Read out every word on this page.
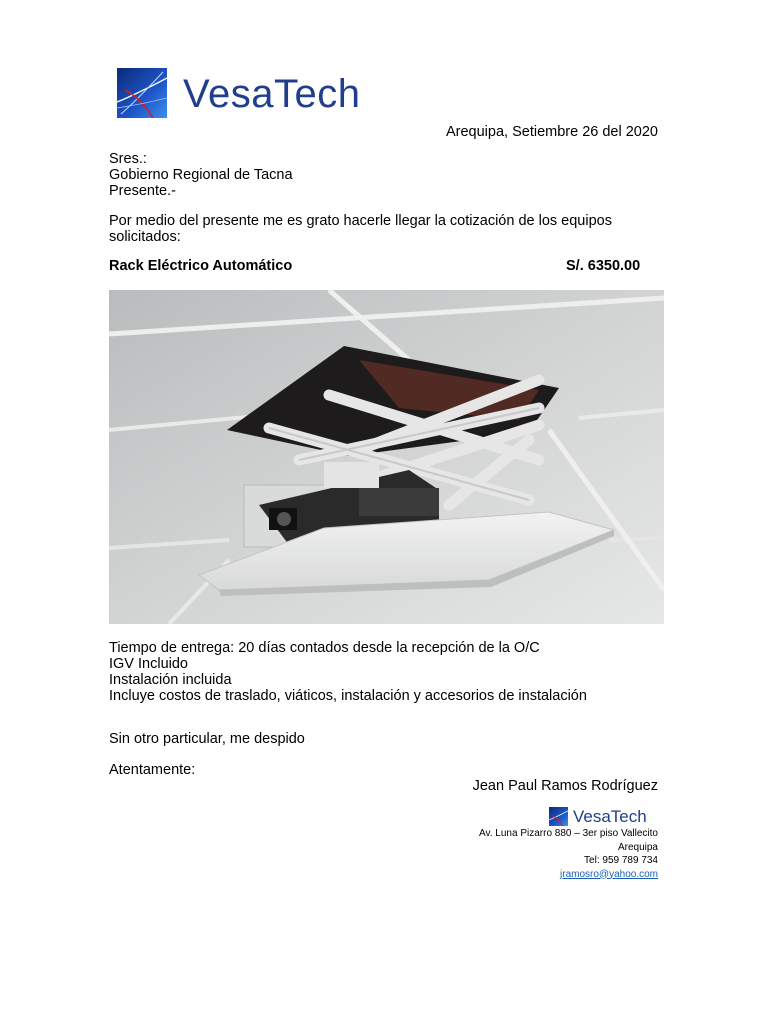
VesaTech
Arequipa, Setiembre 26 del 2020
Sres.:
Gobierno Regional de Tacna
Presente.-
Por medio del presente me es grato hacerle llegar la cotización de los equipos solicitados:
Rack Eléctrico Automático	S/. 6350.00
Tiempo de entrega: 20 días contados desde la recepción de la O/C
IGV Incluido
Instalación incluida
Incluye costos de traslado, viáticos, instalación y accesorios de instalación
Sin otro particular, me despido
Atentamente:
Jean Paul Ramos Rodríguez
VesaTech
Av. Luna Pizarro 880 – 3er piso Vallecito
Arequipa
Tel: 959 789 734
jramosro@yahoo.com
